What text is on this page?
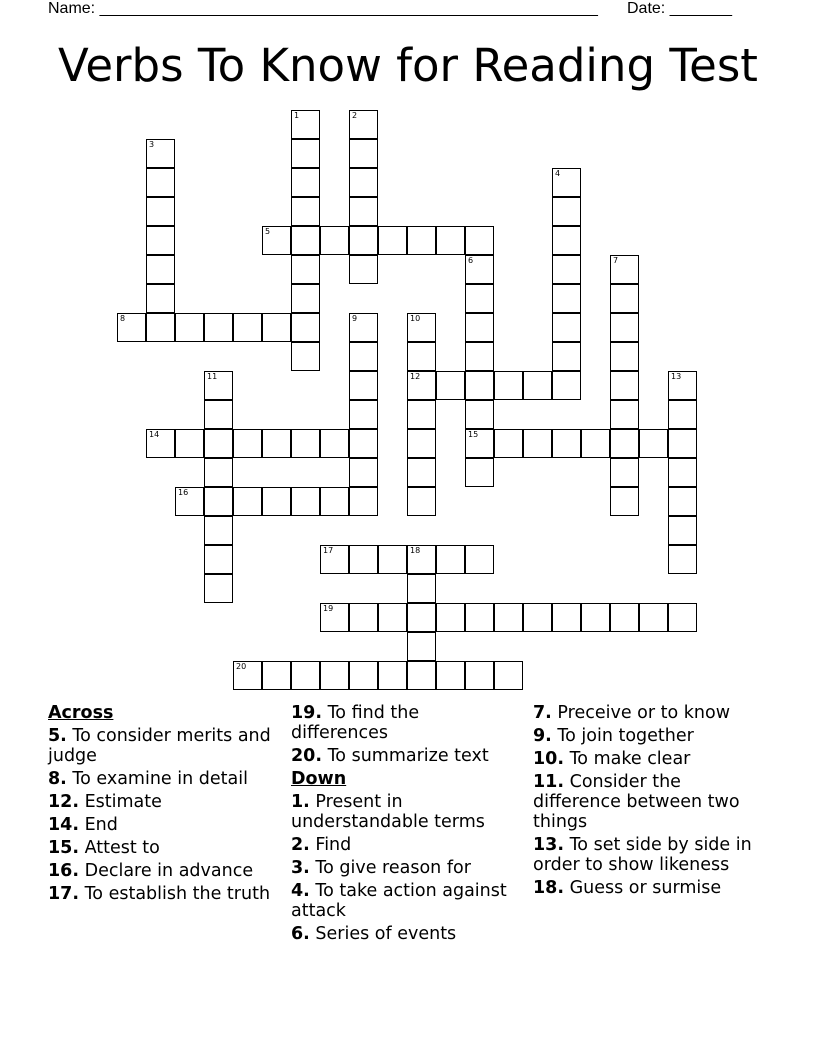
Name: ________________________________________________________ Date: _______
Verbs To Know for Reading Test
1	2
3
4
5
6
15
7
8	9	10
12
11	13
14
16
17	18
19
20
Across
5. To consider merits and judge
8. To examine in detail
12. Estimate
14. End
15. Attest to
16. Declare in advance
17. To establish the truth
19. To find the differences
20. To summarize text
Down
1. Present in understandable terms
2. Find
3. To give reason for
4. To take action against attack
6. Series of events
7. Preceive or to know
9. To join together
10. To make clear
11. Consider the difference between two things
13. To set side by side in order to show likeness
18. Guess or surmise
